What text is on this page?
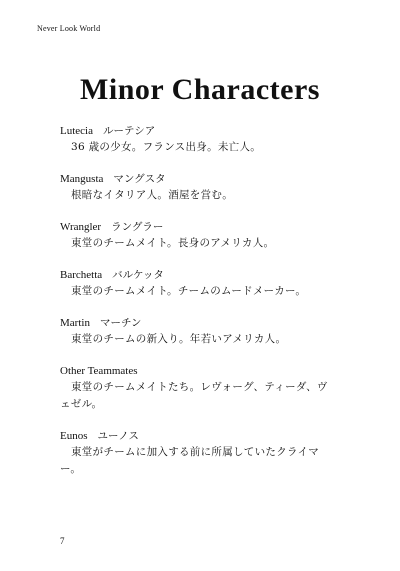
Never Look World
Minor Characters
Lutecia ルーテシア
36 歳の少女。フランス出身。未亡人。
Mangusta マングスタ
根暗なイタリア人。酒屋を営む。
Wrangler ラングラー
東堂のチームメイト。長身のアメリカ人。
Barchetta バルケッタ
東堂のチームメイト。チームのムードメーカー。
Martin マーチン
東堂のチームの新入り。年若いアメリカ人。
Other Teammates
東堂のチームメイトたち。レヴォーグ、ティーダ、ヴェゼル。
Eunos ユーノス
東堂がチームに加入する前に所属していたクライマー。
7
